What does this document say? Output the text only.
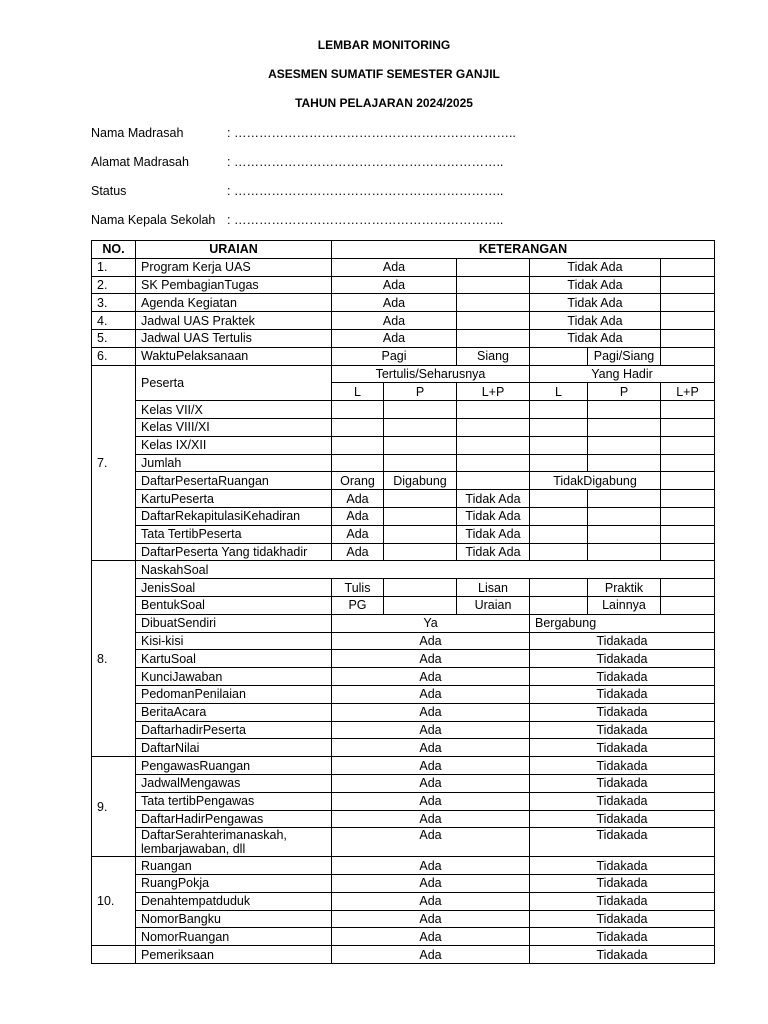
LEMBAR MONITORING
ASESMEN SUMATIF SEMESTER GANJIL
TAHUN PELAJARAN 2024/2025
Nama Madrasah	: …………………………………………………………..
Alamat Madrasah	: ………………………………………………………..
Status	: ………………………………………………………..
Nama Kepala Sekolah : ………………………………………………………..
NO.	URAIAN	KETERANGAN					
1.	Program Kerja UAS	Ada			Tidak Ada		
2.	SK PembagianTugas	Ada			Tidak Ada		
3.	Agenda Kegiatan	Ada			Tidak Ada		
4.	Jadwal UAS Praktek	Ada			Tidak Ada		
5.	Jadwal UAS Tertulis	Ada			Tidak Ada		
6.	WaktuPelaksanaan	Pagi		Siang		Pagi/Siang	
7.	Peserta	Tertulis/Seharusnya			Yang Hadir		
		L	P	L+P	L	P	L+P
	Kelas VII/X						
	Kelas VIII/XI						
	Kelas IX/XII						
	Jumlah						
	DaftarPesertaRuangan	Orang	Digabung		TidakDigabung		
	KartuPeserta	Ada		Tidak Ada			
	DaftarRekapitulasiKehadiran	Ada		Tidak Ada			
	Tata TertibPeserta	Ada		Tidak Ada			
	DaftarPeserta Yang tidakhadir	Ada		Tidak Ada			
8.	NaskahSoal						
	JenisSoal	Tulis		Lisan		Praktik	
	BentukSoal	PG		Uraian		Lainnya	
	DibuatSendiri	Ya			Bergabung		
	Kisi-kisi	Ada			Tidakada		
	KartuSoal	Ada			Tidakada		
	KunciJawaban	Ada			Tidakada		
	PedomanPenilaian	Ada			Tidakada		
	BeritaAcara	Ada			Tidakada		
	DaftarhadirPeserta	Ada			Tidakada		
	DaftarNilai	Ada			Tidakada		
9.	PengawasRuangan	Ada			Tidakada		
	JadwalMengawas	Ada			Tidakada		
	Tata tertibPengawas	Ada			Tidakada		
	DaftarHadirPengawas	Ada			Tidakada		
	DaftarSerahterimanaskah, lembarjawaban, dll	Ada			Tidakada		
10.	Ruangan	Ada			Tidakada		
	RuangPokja	Ada			Tidakada		
	Denahtempatduduk	Ada			Tidakada		
	NomorBangku	Ada			Tidakada		
	NomorRuangan	Ada			Tidakada		
	Pemeriksaan	Ada			Tidakada		
